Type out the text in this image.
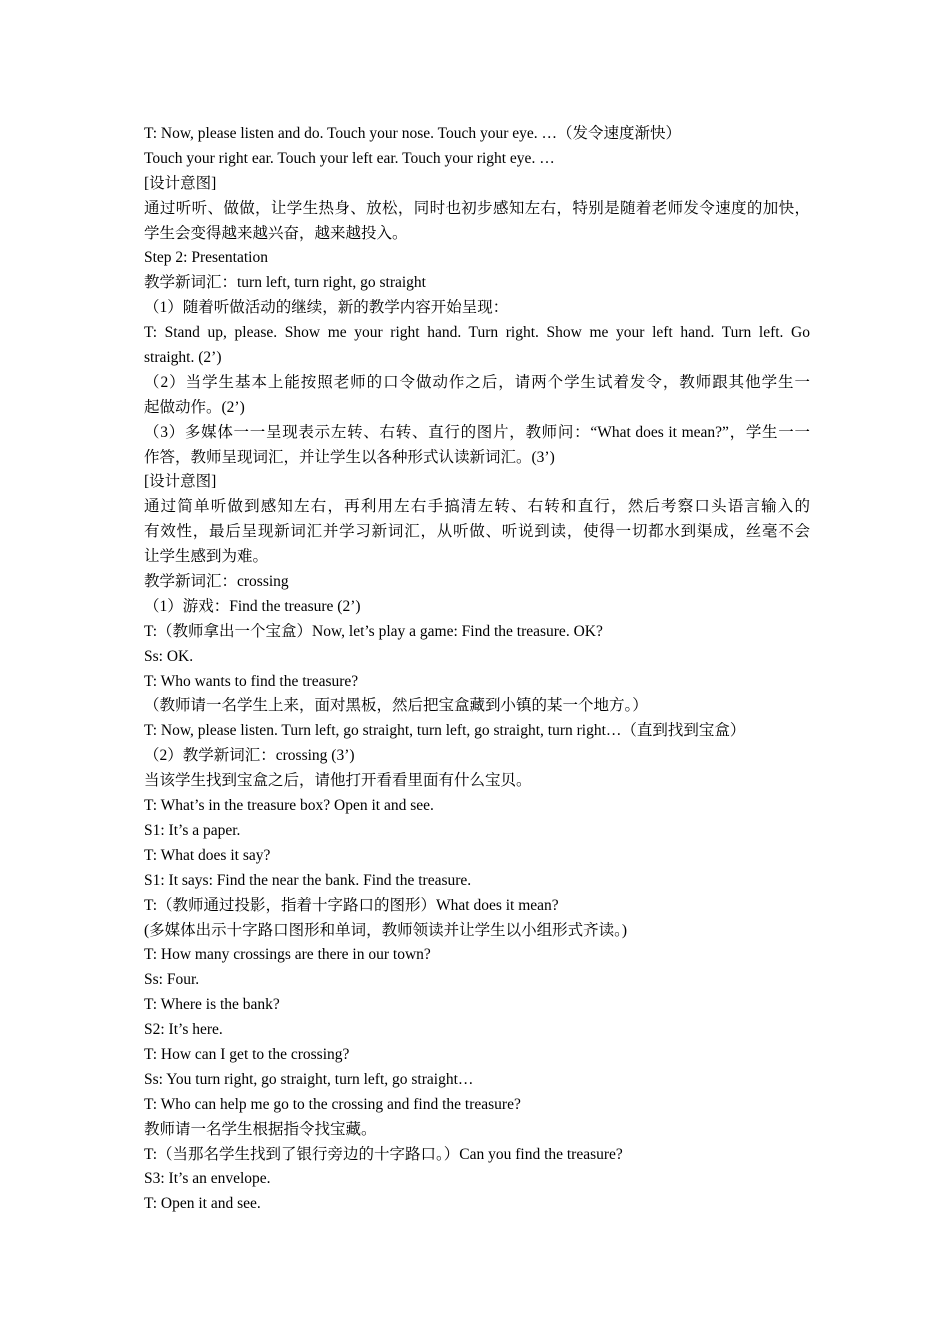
T: Now, please listen and do. Touch your nose. Touch your eye. …（发令速度渐快）
Touch your right ear. Touch your left ear. Touch your right eye. …
[设计意图]
通过听听、做做，让学生热身、放松，同时也初步感知左右，特别是随着老师发令速度的加快，
学生会变得越来越兴奋，越来越投入。
Step 2: Presentation
教学新词汇：turn left, turn right, go straight
（1）随着听做活动的继续，新的教学内容开始呈现：
T: Stand up, please. Show me your right hand. Turn right. Show me your left hand. Turn left. Go
straight. (2’)
（2）当学生基本上能按照老师的口令做动作之后，请两个学生试着发令，教师跟其他学生一
起做动作。(2’)
（3）多媒体一一呈现表示左转、右转、直行的图片，教师问：“What does it mean?”，学生一一
作答，教师呈现词汇，并让学生以各种形式认读新词汇。(3’)
[设计意图]
通过简单听做到感知左右，再利用左右手搞清左转、右转和直行，然后考察口头语言输入的
有效性，最后呈现新词汇并学习新词汇，从听做、听说到读，使得一切都水到渠成，丝毫不会
让学生感到为难。
教学新词汇：crossing
（1）游戏：Find the treasure (2’)
T:（教师拿出一个宝盒）Now, let’s play a game: Find the treasure. OK?
Ss: OK.
T: Who wants to find the treasure?
（教师请一名学生上来，面对黑板，然后把宝盒藏到小镇的某一个地方。）
T: Now, please listen. Turn left, go straight, turn left, go straight, turn right…（直到找到宝盒）
（2）教学新词汇：crossing (3’)
当该学生找到宝盒之后，请他打开看看里面有什么宝贝。
T: What’s in the treasure box? Open it and see.
S1: It’s a paper.
T: What does it say?
S1: It says: Find the near the bank. Find the treasure.
T:（教师通过投影，指着十字路口的图形）What does it mean?
(多媒体出示十字路口图形和单词，教师领读并让学生以小组形式齐读。)
T: How many crossings are there in our town?
Ss: Four.
T: Where is the bank?
S2: It’s here.
T: How can I get to the crossing?
Ss: You turn right, go straight, turn left, go straight…
T: Who can help me go to the crossing and find the treasure?
教师请一名学生根据指令找宝藏。
T:（当那名学生找到了银行旁边的十字路口。）Can you find the treasure?
S3: It’s an envelope.
T: Open it and see.
